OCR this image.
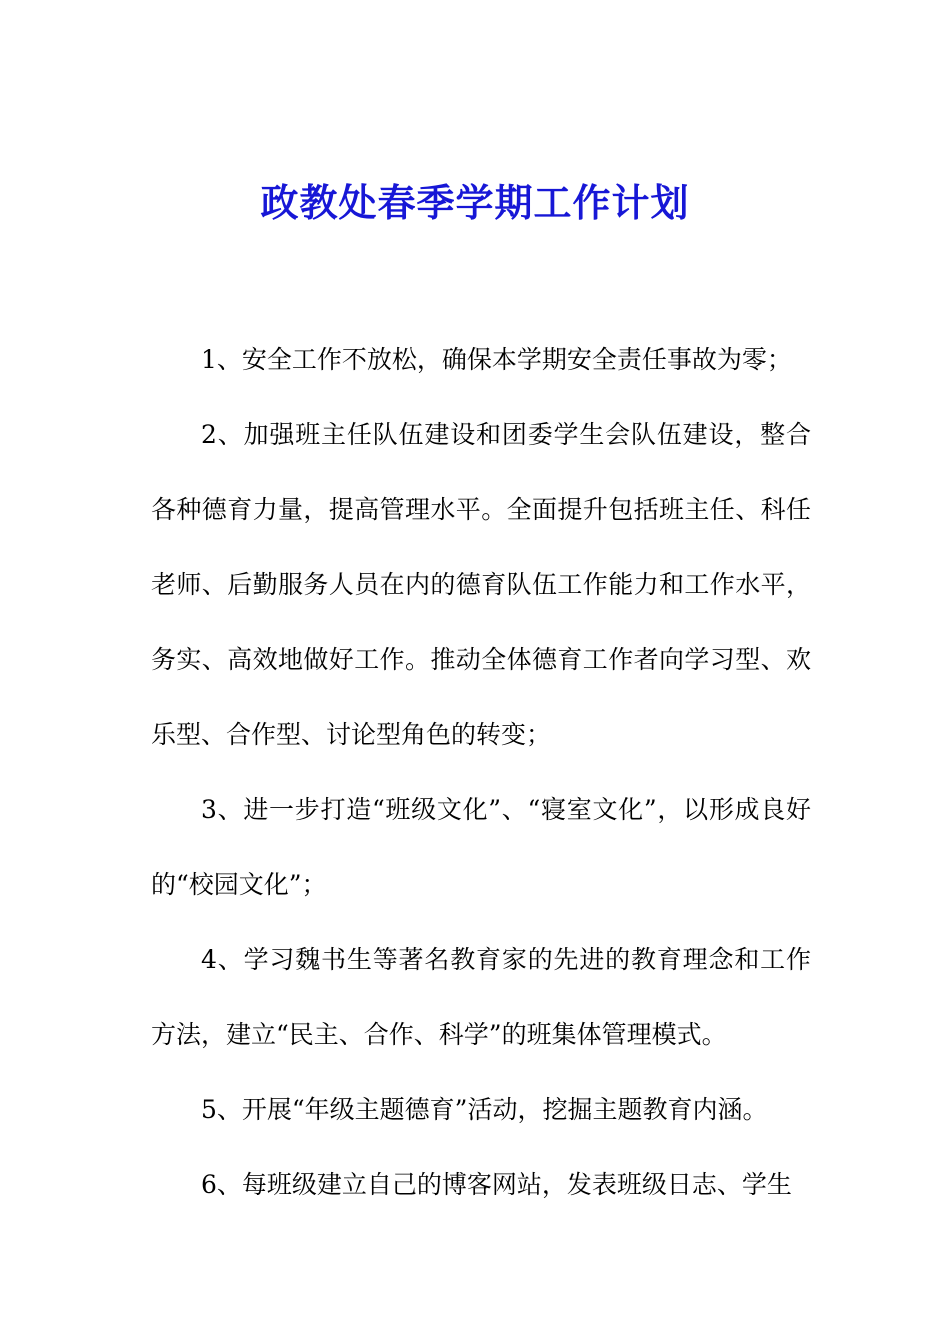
政教处春季学期工作计划

1、安全工作不放松，确保本学期安全责任事故为零；

2、加强班主任队伍建设和团委学生会队伍建设，整合各种德育力量，提高管理水平。全面提升包括班主任、科任老师、后勤服务人员在内的德育队伍工作能力和工作水平，务实、高效地做好工作。推动全体德育工作者向学习型、欢乐型、合作型、讨论型角色的转变；

3、进一步打造“班级文化”、“寝室文化”，以形成良好的“校园文化”；

4、学习魏书生等著名教育家的先进的教育理念和工作方法，建立“民主、合作、科学”的班集体管理模式。

5、开展“年级主题德育”活动，挖掘主题教育内涵。

6、每班级建立自己的博客网站，发表班级日志、学生
